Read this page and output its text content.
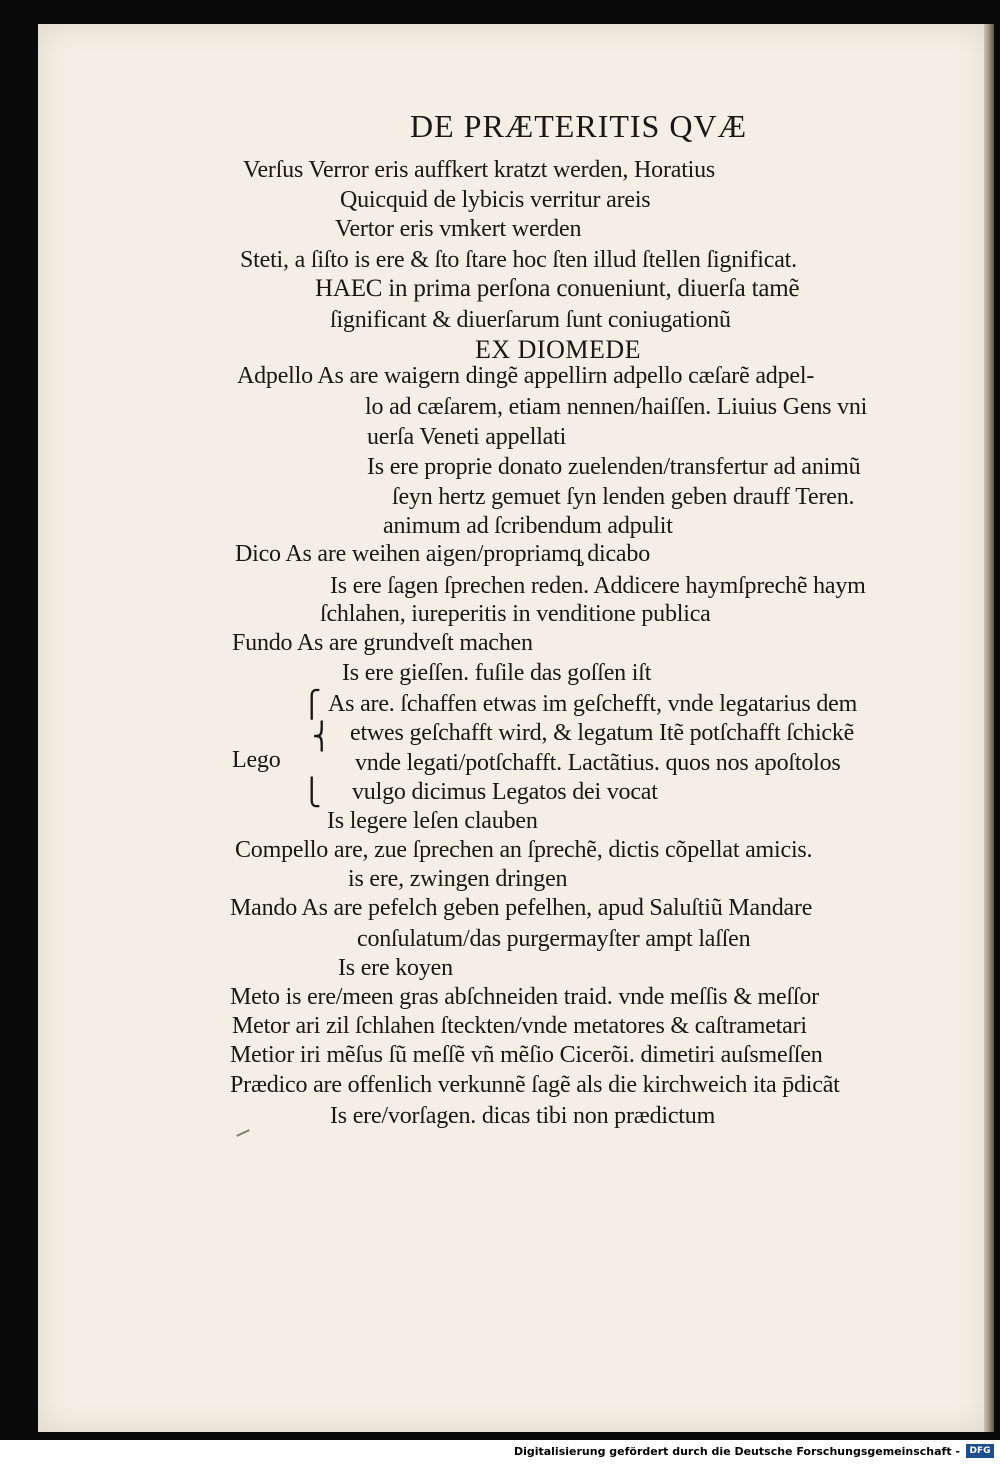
DE PRÆTERITIS QVÆ
Verſus Verror eris auffkert kratzt werden, Horatius
Quicquid de lybicis verritur areis
Vertor eris vmkert werden
Steti, a ſiſto is ere & ſto ſtare hoc ſten illud ſtellen ſignificat.
HAEC in prima perſona conueniunt, diuerſa tamẽ
ſignificant & diuerſarum ſunt coniugationũ
EX DIOMEDE
Adpello As are waigern dingẽ appellirn adpello cæſarẽ adpel-
lo ad cæſarem, etiam nennen/haiſſen. Liuius Gens vni
uerſa Veneti appellati
Is ere proprie donato zuelenden/transfertur ad animũ
ſeyn hertz gemuet ſyn lenden geben drauff Teren.
animum ad ſcribendum adpulit
Dico As are weihen aigen/propriamq̧ dicabo
Is ere ſagen ſprechen reden. Addicere haymſprechẽ haym
ſchlahen, iureperitis in venditione publica
Fundo As are grundveſt machen
Is ere gieſſen. fuſile das goſſen iſt
As are. ſchaffen etwas im geſchefft, vnde legatarius dem
etwes geſchafft wird, & legatum Itẽ potſchafft ſchickẽ
Lego	vnde legati/potſchafft. Lactãtius. quos nos apoſtolos
vulgo dicimus Legatos dei vocat
Is legere leſen clauben
⎧
⎨
⎩
Compello are, zue ſprechen an ſprechẽ, dictis cõpellat amicis.
is ere, zwingen dringen
Mando As are pefelch geben pefelhen, apud Saluſtiũ Mandare
conſulatum/das purgermayſter ampt laſſen
Is ere koyen
Meto is ere/meen gras abſchneiden traid. vnde meſſis & meſſor
Metor ari zil ſchlahen ſteckten/vnde metatores & caſtrametari
Metior iri mẽſus ſũ meſſẽ vñ mẽſio Cicerõi. dimetiri auſsmeſſen
Prædico are offenlich verkunnẽ ſagẽ als die kirchweich ita p̄dicãt
Is ere/vorſagen. dicas tibi non prædictum
Digitalisierung gefördert durch die Deutsche Forschungsgemeinschaft -	DFG
